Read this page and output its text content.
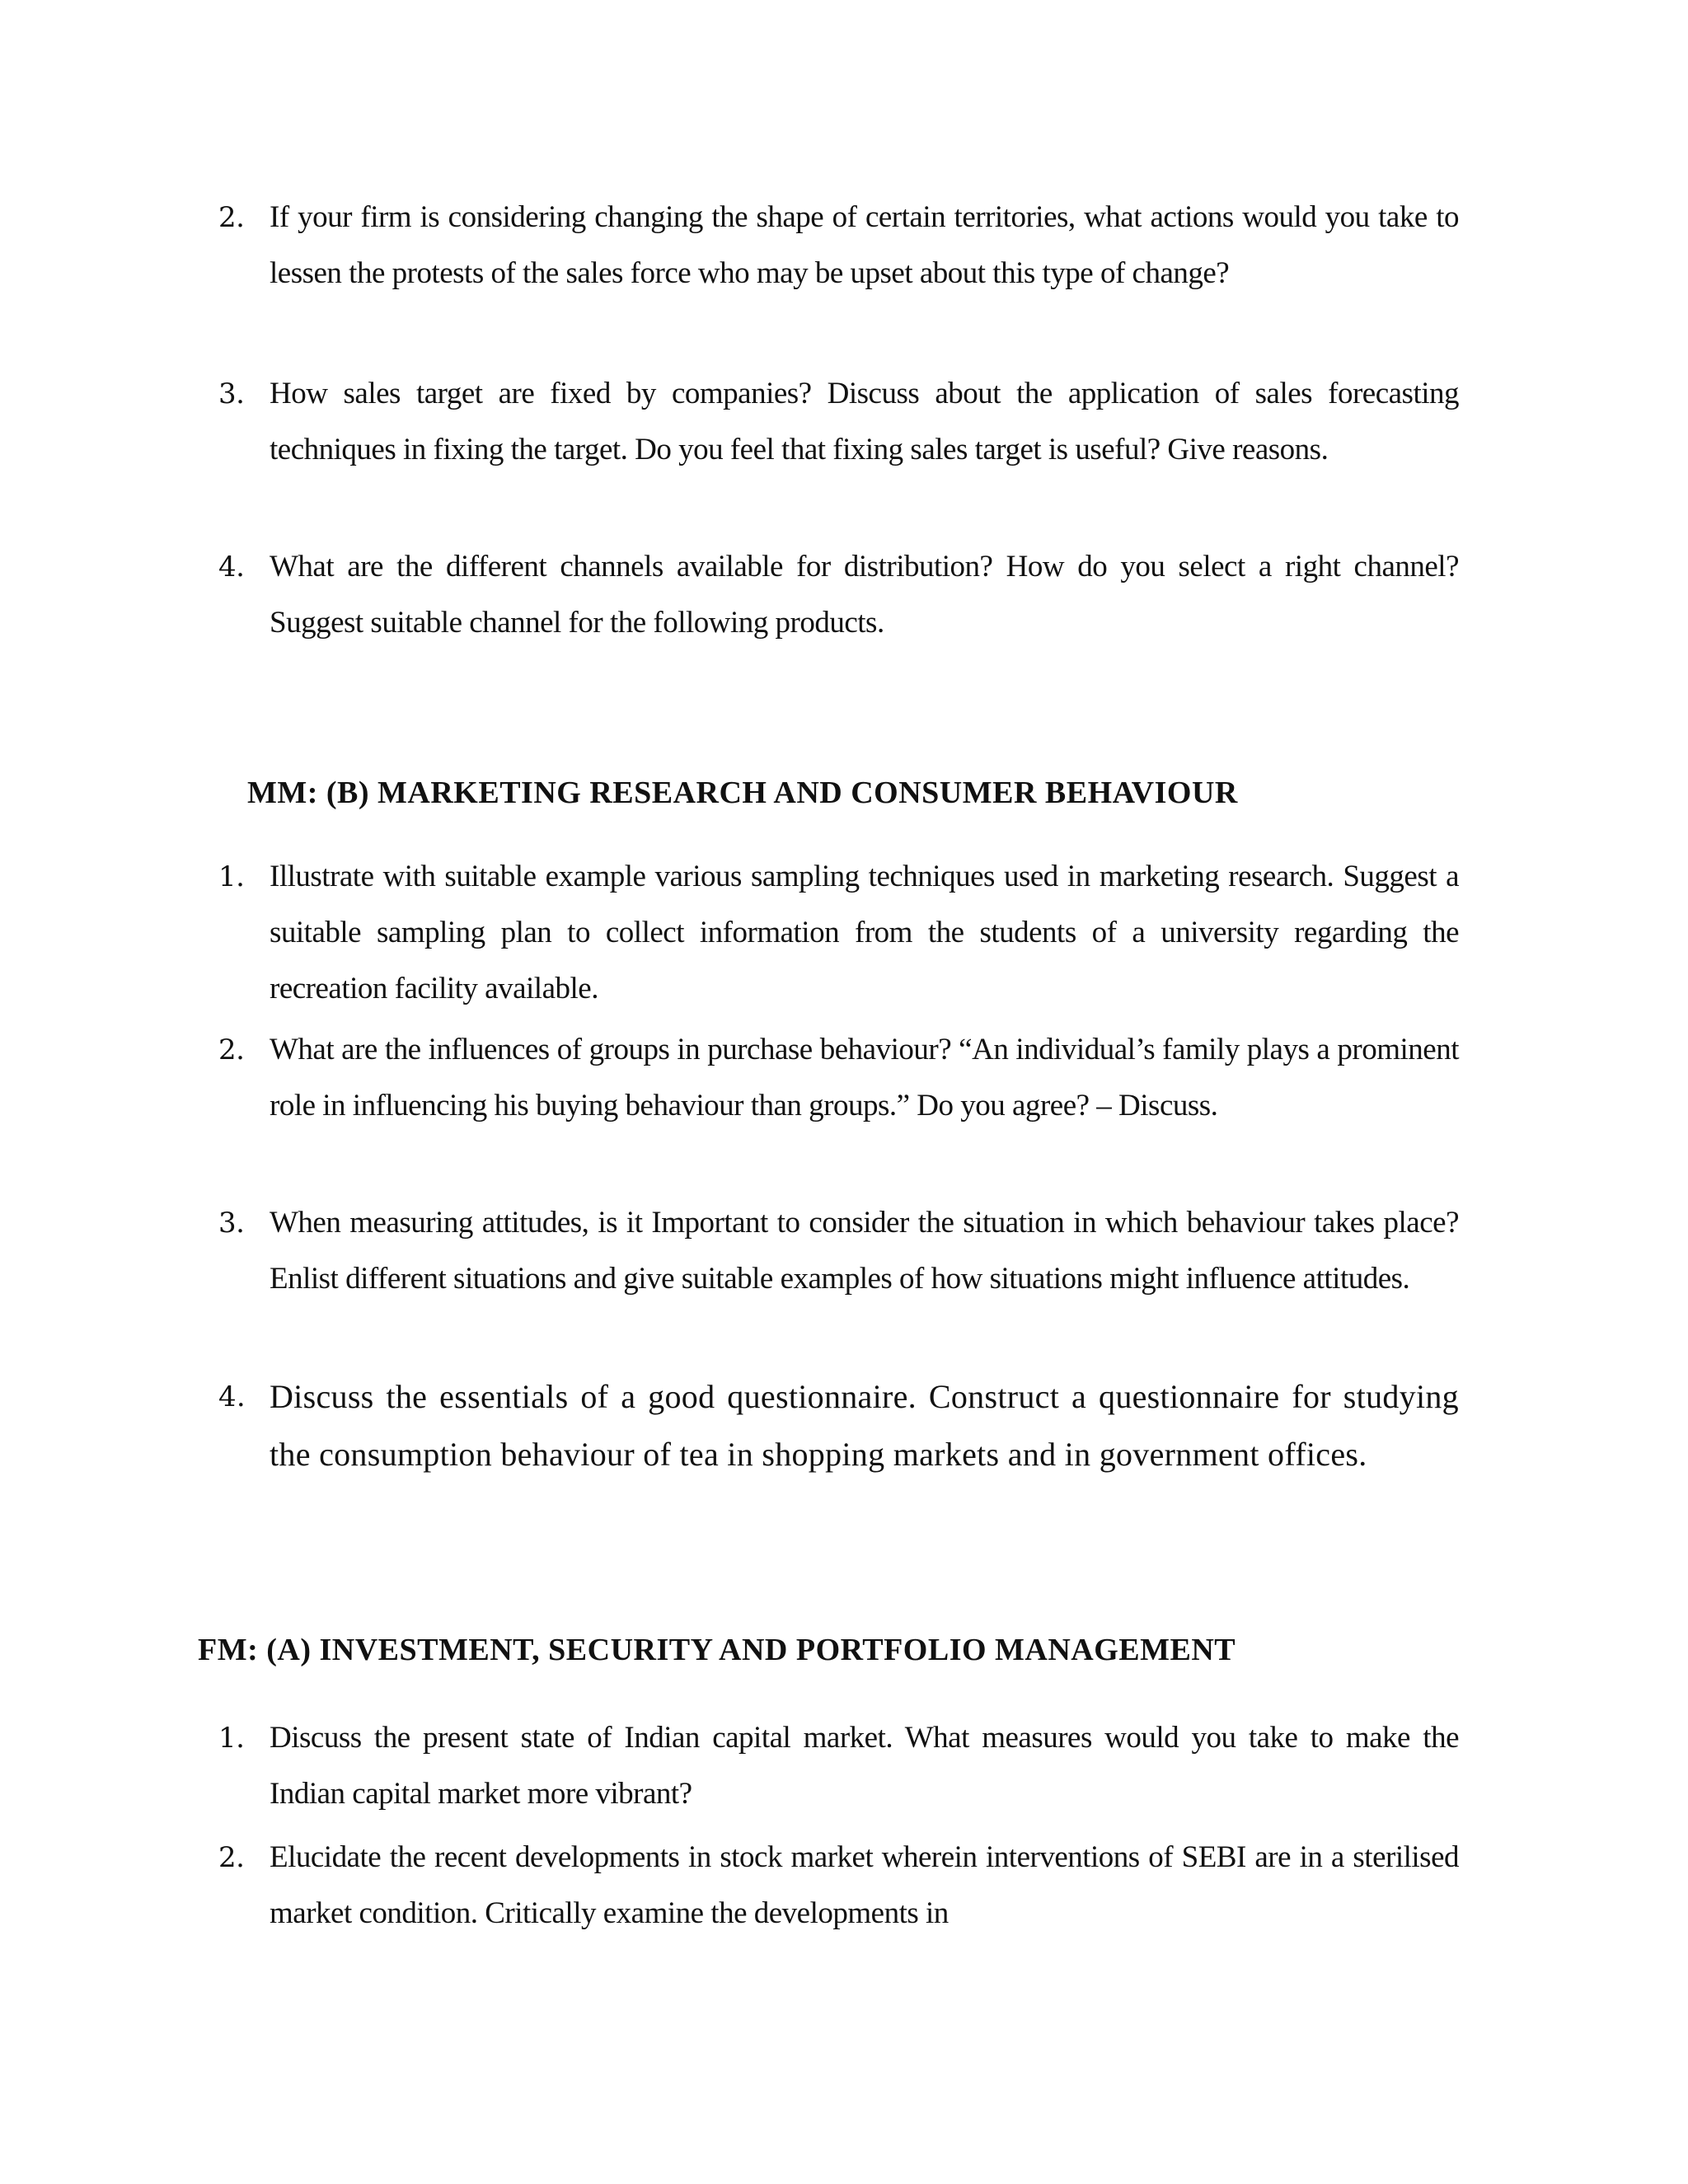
2. If your firm is considering changing the shape of certain territories, what actions would you take to lessen the protests of the sales force who may be upset about this type of change?
3. How sales target are fixed by companies? Discuss about the application of sales forecasting techniques in fixing the target. Do you feel that fixing sales target is useful? Give reasons.
4. What are the different channels available for distribution? How do you select a right channel? Suggest suitable channel for the following products.
MM: (B) MARKETING RESEARCH AND CONSUMER BEHAVIOUR
1. Illustrate with suitable example various sampling techniques used in marketing research. Suggest a suitable sampling plan to collect information from the students of a university regarding the recreation facility available.
2. What are the influences of groups in purchase behaviour? “An individual’s family plays a prominent role in influencing his buying behaviour than groups.” Do you agree? – Discuss.
3. When measuring attitudes, is it Important to consider the situation in which behaviour takes place? Enlist different situations and give suitable examples of how situations might influence attitudes.
4. Discuss the essentials of a good questionnaire. Construct a questionnaire for studying the consumption behaviour of tea in shopping markets and in government offices.
FM: (A) INVESTMENT, SECURITY AND PORTFOLIO MANAGEMENT
1. Discuss the present state of Indian capital market. What measures would you take to make the Indian capital market more vibrant?
2. Elucidate the recent developments in stock market wherein interventions of SEBI are in a sterilised market condition. Critically examine the developments in
